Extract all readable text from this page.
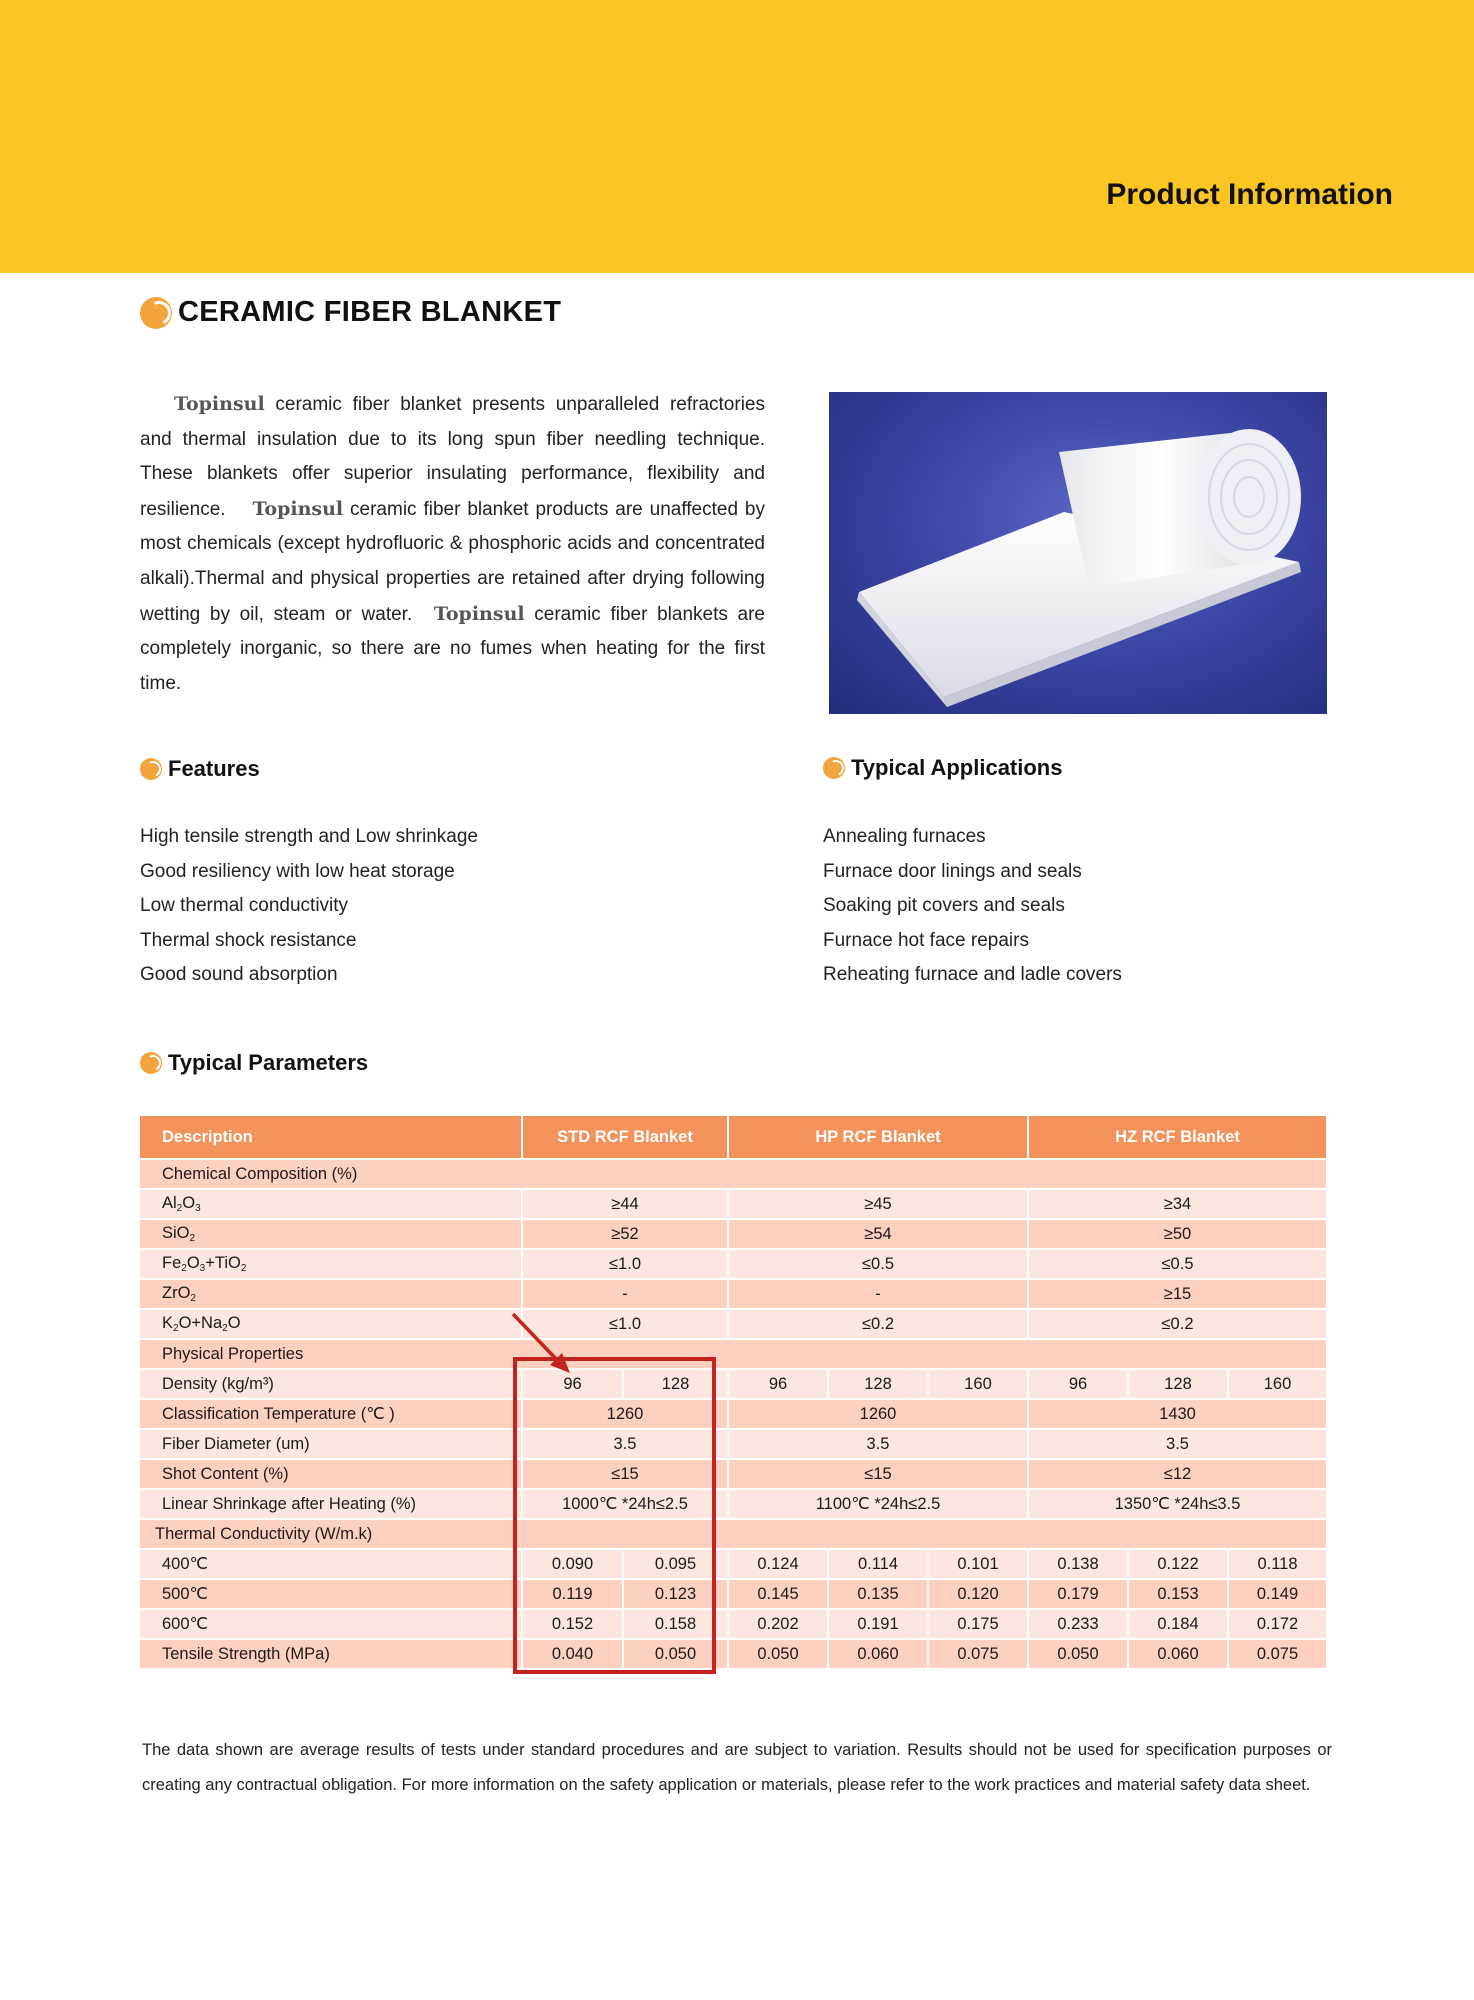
Product Information
CERAMIC FIBER BLANKET
Topinsul ceramic fiber blanket presents unparalleled refractories and thermal insulation due to its long spun fiber needling technique. These blankets offer superior insulating performance, flexibility and resilience. Topinsul ceramic fiber blanket products are unaffected by most chemicals (except hydrofluoric & phosphoric acids and concentrated alkali).Thermal and physical properties are retained after drying following wetting by oil, steam or water. Topinsul ceramic fiber blankets are completely inorganic, so there are no fumes when heating for the first time.
Features
High tensile strength and Low shrinkage
Good resiliency with low heat storage
Low thermal conductivity
Thermal shock resistance
Good sound absorption
Typical Applications
Annealing furnaces
Furnace door linings and seals
Soaking pit covers and seals
Furnace hot face repairs
Reheating furnace and ladle covers
Typical Parameters
Description	STD RCF Blanket		HP RCF Blanket			HZ RCF Blanket		
Chemical Composition (%)								
$Al_2O_3$	≥44		≥45			≥34		
SiO$_2$	≥52		≥54			≥50		
$Fe_2O_3+TiO_2$	≤1.0		≤0.5			≤0.5		
ZrO$_2$	-		-			≥15		
$K_2O+Na_2O$	≤1.0		≤0.2			≤0.2		
Physical Properties								
Density (kg/m³)	96	128	96	128	160	96	128	160
Classification Temperature (℃ )	1260		1260			1430		
Fiber Diameter (um)	3.5		3.5			3.5		
Shot Content (%)	≤15		≤15			≤12		
Linear Shrinkage after Heating (%)	1000℃ *24h≤2.5		1100℃ *24h≤2.5			1350℃ *24h≤3.5		
Thermal Conductivity (W/m.k)								
400℃	0.090	0.095	0.124	0.114	0.101	0.138	0.122	0.118
500℃	0.119	0.123	0.145	0.135	0.120	0.179	0.153	0.149
600℃	0.152	0.158	0.202	0.191	0.175	0.233	0.184	0.172
Tensile Strength (MPa)	0.040	0.050	0.050	0.060	0.075	0.050	0.060	0.075
The data shown are average results of tests under standard procedures and are subject to variation. Results should not be used for specification purposes or creating any contractual obligation. For more information on the safety application or materials, please refer to the work practices and material safety data sheet.
